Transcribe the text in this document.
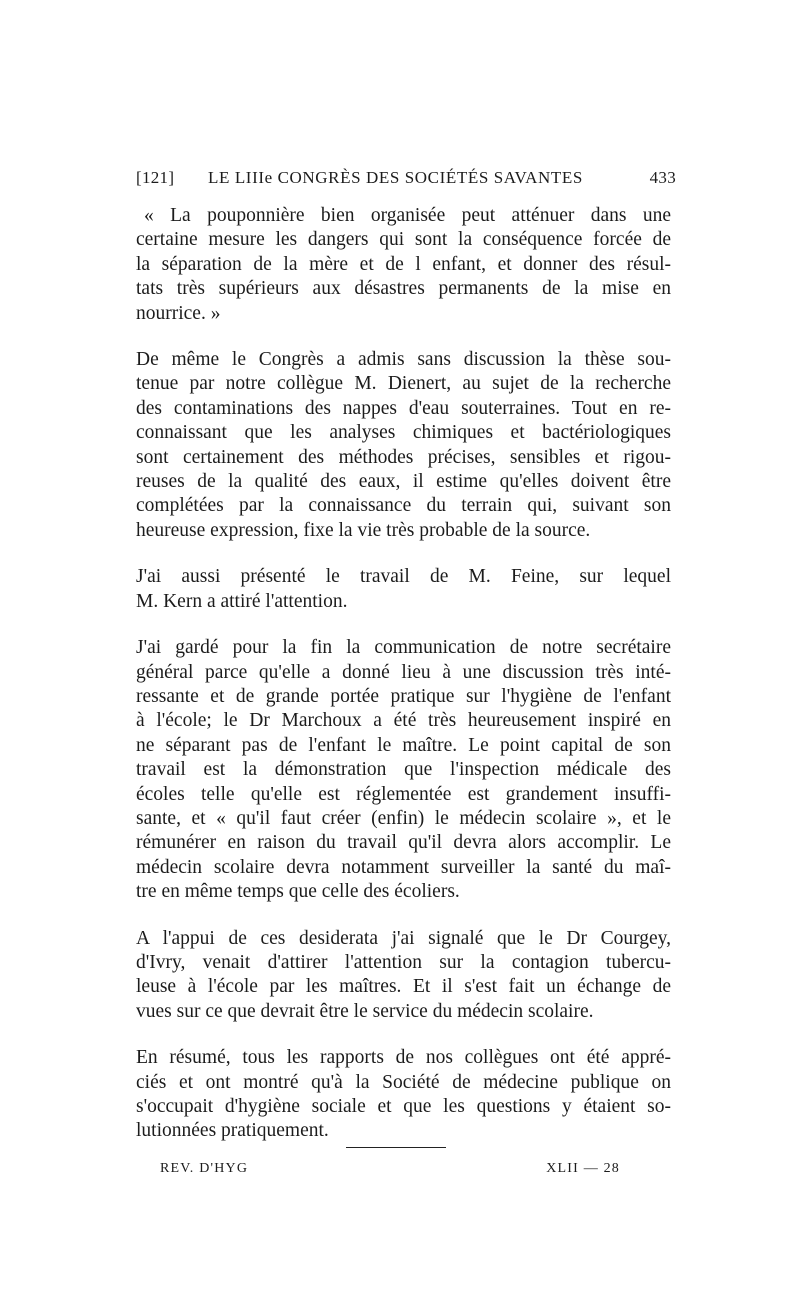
[121] LE LIIIe CONGRÈS DES SOCIÉTÉS SAVANTES	433

« La pouponnière bien organisée peut atténuer dans une
certaine mesure les dangers qui sont la conséquence forcée de
la séparation de la mère et de l enfant, et donner des résul-
tats très supérieurs aux désastres permanents de la mise en
nourrice. »

De même le Congrès a admis sans discussion la thèse sou-
tenue par notre collègue M. Dienert, au sujet de la recherche
des contaminations des nappes d'eau souterraines. Tout en re-
connaissant que les analyses chimiques et bactériologiques
sont certainement des méthodes précises, sensibles et rigou-
reuses de la qualité des eaux, il estime qu'elles doivent être
complétées par la connaissance du terrain qui, suivant son
heureuse expression, fixe la vie très probable de la source.

J'ai aussi présenté le travail de M. Feine, sur lequel
M. Kern a attiré l'attention.

J'ai gardé pour la fin la communication de notre secrétaire
général parce qu'elle a donné lieu à une discussion très inté-
ressante et de grande portée pratique sur l'hygiène de l'enfant
à l'école; le Dr Marchoux a été très heureusement inspiré en
ne séparant pas de l'enfant le maître. Le point capital de son
travail est la démonstration que l'inspection médicale des
écoles telle qu'elle est réglementée est grandement insuffi-
sante, et « qu'il faut créer (enfin) le médecin scolaire », et le
rémunérer en raison du travail qu'il devra alors accomplir. Le
médecin scolaire devra notamment surveiller la santé du maî-
tre en même temps que celle des écoliers.

A l'appui de ces desiderata j'ai signalé que le Dr Courgey,
d'Ivry, venait d'attirer l'attention sur la contagion tubercu-
leuse à l'école par les maîtres. Et il s'est fait un échange de
vues sur ce que devrait être le service du médecin scolaire.

En résumé, tous les rapports de nos collègues ont été appré-
ciés et ont montré qu'à la Société de médecine publique on
s'occupait d'hygiène sociale et que les questions y étaient so-
lutionnées pratiquement.

REV. D'HYG	XLII — 28
